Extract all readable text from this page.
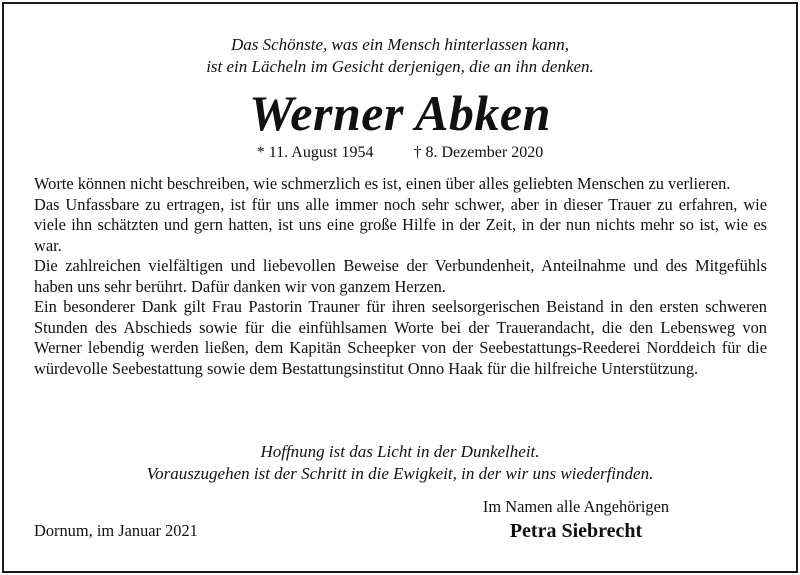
Das Schönste, was ein Mensch hinterlassen kann,
ist ein Lächeln im Gesicht derjenigen, die an ihn denken.
Werner Abken
* 11. August 1954	† 8. Dezember 2020

Worte können nicht beschreiben, wie schmerzlich es ist, einen über alles geliebten Menschen zu verlieren.

Das Unfassbare zu ertragen, ist für uns alle immer noch sehr schwer, aber in dieser Trauer zu erfahren, wie viele ihn schätzten und gern hatten, ist uns eine große Hilfe in der Zeit, in der nun nichts mehr so ist, wie es war.

Die zahlreichen vielfältigen und liebevollen Beweise der Verbundenheit, Anteilnahme und des Mitgefühls haben uns sehr berührt. Dafür danken wir von ganzem Herzen.

Ein besonderer Dank gilt Frau Pastorin Trauner für ihren seelsorgerischen Beistand in den ersten schweren Stunden des Abschieds sowie für die einfühlsamen Worte bei der Trauerandacht, die den Lebensweg von Werner lebendig werden ließen, dem Kapitän Scheepker von der Seebestattungs-Reederei Norddeich für die würdevolle Seebestattung sowie dem Bestattungsinstitut Onno Haak für die hilfreiche Unterstützung.

Hoffnung ist das Licht in der Dunkelheit.
Vorauszugehen ist der Schritt in die Ewigkeit, in der wir uns wiederfinden.
Dornum, im Januar 2021
Im Namen alle Angehörigen
Petra Siebrecht
